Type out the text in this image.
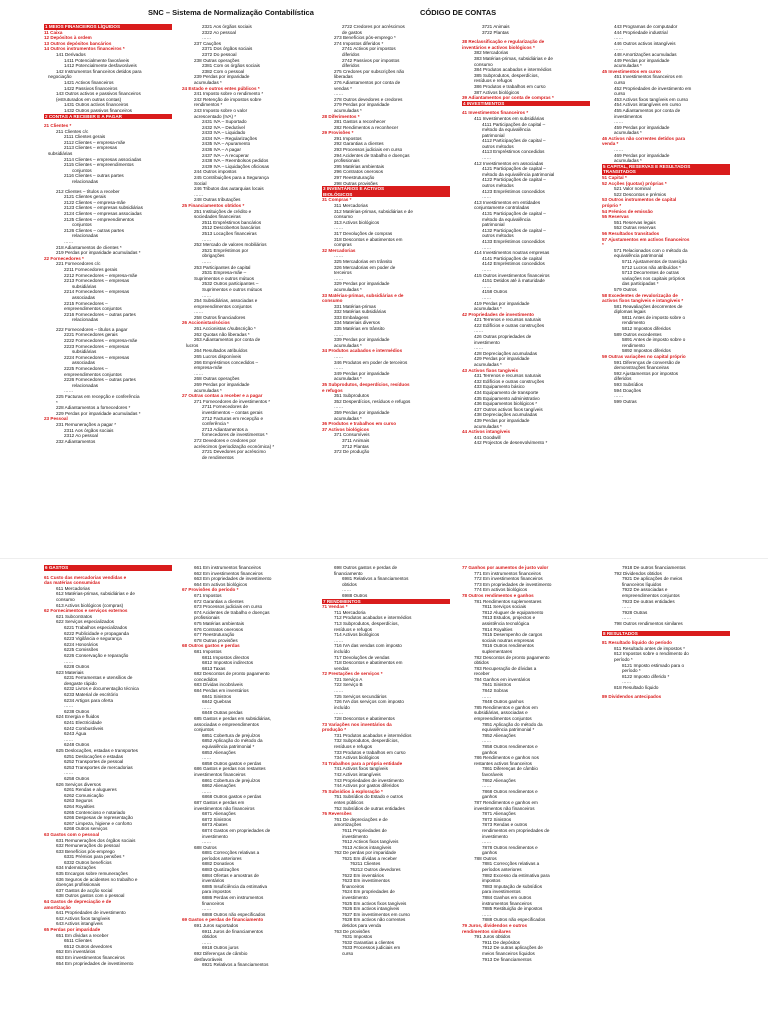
SNC – Sistema de Normalização Contabilística	CÓDIGO DE CONTAS
1 MEIOS FINANCEIROS LÍQUIDOS
11 Caixa
12 Depósitos à ordem
13 Outros depósitos bancários
14 Outros instrumentos financeiros *
141 Derivados
1411 Potencialmente favoráveis
1412 Potencialmente desfavoráveis
142 Instrumentos financeiros detidos para
negociação
1421 Activos financeiros
1422 Passivos financeiros
143 Outros activos e passivos financeiros
(estruturados em outras contas)
1431 Outros activos financeiros
1432 Outros passivos financeiros
2 CONTAS A RECEBER E A PAGAR
21 Clientes *
211 Clientes c/c
2111 Clientes gerais
2112 Clientes – empresa-mãe
2113 Clientes – empresas
subsidiárias
2114 Clientes – empresas associadas
2115 Clientes – empreendimentos
conjuntos
2116 Clientes – outras partes
relacionadas
212 Clientes – títulos a receber
2121 Clientes gerais
2122 Clientes – empresa-mãe
2123 Clientes – empresas subsidiárias
2124 Clientes – empresas associadas
2125 Clientes – empreendimentos
conjuntos
2126 Clientes – outras partes
relacionadas
……
218 Adiantamentos de clientes *
219 Perdas por imparidade acumuladas *
22 Fornecedores *
221 Fornecedores c/c
2211 Fornecedores gerais
2212 Fornecedores – empresa-mãe
2213 Fornecedores – empresas
subsidiárias
2214 Fornecedores – empresas
associadas
2215 Fornecedores –
empreendimentos conjuntos
2216 Fornecedores – outras partes
relacionadas
222 Fornecedores – títulos a pagar
2221 Fornecedores gerais
2222 Fornecedores – empresa-mãe
2223 Fornecedores – empresas
subsidiárias
2224 Fornecedores – empresas
associadas
2225 Fornecedores –
empreendimentos conjuntos
2226 Fornecedores – outras partes
relacionadas
……
225 Facturas em recepção e conferência
*
228 Adiantamentos a fornecedores *
229 Perdas por imparidade acumuladas *
23 Pessoal
231 Remunerações a pagar *
2311 Aos órgãos sociais
2312 Ao pessoal
232 Adiantamentos
2321 Aos órgãos sociais
2322 Ao pessoal
……
237 Cauções
2371 Dos órgãos sociais
2372 Do pessoal
238 Outras operações
2381 Com os órgãos sociais
2382 Com o pessoal
239 Perdas por imparidade
acumuladas *
24 Estado e outros entes públicos *
241 Imposto sobre o rendimento *
242 Retenção de impostos sobre
rendimentos *
243 Imposto sobre o valor
acrescentado (IVA) *
2431 IVA – Suportado
2432 IVA – Dedutível
2433 IVA – Liquidado
2434 IVA – Regularizações
2435 IVA – Apuramento
2436 IVA – A pagar
2437 IVA – A recuperar
2438 IVA – Reembolsos pedidos
2439 IVA – Liquidações oficiosas
244 Outros impostos
245 Contribuições para a Segurança
Social
246 Tributos das autarquias locais
……
248 Outras tributações
25 Financiamentos obtidos *
251 Instituições de crédito e
sociedades financeiras
2511 Empréstimos bancários
2512 Descobertos bancários
2513 Locações financeiras
……
252 Mercado de valores mobiliários
2521 Empréstimos por
obrigações
……
253 Participantes de capital
2531 Empresa-mãe –
Suprimentos e outros mútuos
2532 Outros participantes –
Suprimentos e outros mútuos
……
254 Subsidiárias, associadas e
empreendimentos conjuntos
……
258 Outros financiadores
26 Accionistas/sócios
261 Accionistas c/subscrição *
262 Quotas não liberadas *
263 Adiantamentos por conta de
lucros
264 Resultados atribuídos
265 Lucros disponíveis
266 Empréstimos concedidos –
empresa-mãe
……
268 Outras operações
269 Perdas por imparidade
acumuladas *
27 Outras contas a receber e a pagar
271 Fornecedores de investimentos *
2711 Fornecedores de
investimentos – contas gerais
2712 Facturas em recepção e
conferência *
2713 Adiantamentos a
fornecedores de investimentos *
272 Devedores e credores por
acréscimos (periodização económica) *
2721 Devedores por acréscimo
de rendimentos
2722 Credores por acréscimos
de gastos
273 Benefícios pós-emprego *
274 Impostos diferidos *
2741 Activos por impostos
diferidos
2742 Passivos por impostos
diferidos
275 Credores por subscrições não
liberadas
276 Adiantamentos por conta de
vendas *
……
278 Outros devedores e credores
279 Perdas por imparidade
acumuladas *
28 Diferimentos *
281 Gastos a reconhecer
282 Rendimentos a reconhecer
29 Provisões *
291 Impostos
292 Garantias a clientes
293 Processos judiciais em curso
294 Acidentes de trabalho e doenças
profissionais
295 Matérias ambientais
296 Contratos onerosos
297 Reestruturação
298 Outras provisões
3 INVENTÁRIOS E ACTIVOS
BIOLÓGICOS
31 Compras *
311 Mercadorias
312 Matérias-primas, subsidiárias e de
consumo
313 Activos biológicos
……
317 Devoluções de compras
318 Descontos e abatimentos em
compras
32 Mercadorias
……
325 Mercadorias em trânsito
326 Mercadorias em poder de
terceiros
……
329 Perdas por imparidade
acumuladas *
33 Matérias-primas, subsidiárias e de
consumo
331 Matérias-primas
332 Matérias subsidiárias
333 Embalagens
334 Materiais diversos
335 Matérias em trânsito
……
339 Perdas por imparidade
acumuladas *
34 Produtos acabados e intermédios
……
346 Produtos em poder de terceiros
……
349 Perdas por imparidade
acumuladas *
35 Subprodutos, desperdícios, resíduos
e refugos
351 Subprodutos
352 Desperdícios, resíduos e refugos
……
359 Perdas por imparidade
acumuladas *
36 Produtos e trabalhos em curso
37 Activos biológicos
371 Consumíveis
3711 Animais
3712 Plantas
372 De produção
3721 Animais
3722 Plantas
38 Reclassificação e regularização de
inventários e activos biológicos *
382 Mercadorias
383 Matérias-primas, subsidiárias e de
consumo
384 Produtos acabados e intermédios
385 Subprodutos, desperdícios,
resíduos e refugos
386 Produtos e trabalhos em curso
387 Activos biológicos
39 Adiantamentos por conta de compras *
4 INVESTIMENTOS
41 Investimentos financeiros *
411 Investimentos em subsidiárias
4111 Participações de capital –
método da equivalência
patrimonial
4112 Participações de capital –
outros métodos
4113 Empréstimos concedidos
……
412 Investimentos em associadas
4121 Participações de capital –
método da equivalência patrimonial
4122 Participações de capital –
outros métodos
4123 Empréstimos concedidos
……
413 Investimentos em entidades
conjuntamente controladas
4131 Participações de capital –
método da equivalência
patrimonial
4132 Participações de capital –
outros métodos
4133 Empréstimos concedidos
……
414 Investimentos noutras empresas
4141 Participações de capital
4142 Empréstimos concedidos
……
415 Outros investimentos financeiros
4151 Detidos até à maturidade
……
4158 Outros
……
419 Perdas por imparidade
acumuladas *
42 Propriedades de investimento
421 Terrenos e recursos naturais
422 Edifícios e outras construções
……
426 Outras propriedades de
investimento
……
428 Depreciações acumuladas
429 Perdas por imparidade
acumuladas *
43 Activos fixos tangíveis
431 Terrenos e recursos naturais
432 Edifícios e outras construções
433 Equipamento básico
434 Equipamento de transporte
435 Equipamento administrativo
436 Equipamentos biológicos *
437 Outros activos fixos tangíveis
438 Depreciações acumuladas
439 Perdas por imparidade
acumuladas *
44 Activos intangíveis
441 Goodwill
442 Projectos de desenvolvimento *
443 Programas de computador
444 Propriedade industrial
……
446 Outros activos intangíveis
……
448 Amortizações acumuladas
449 Perdas por imparidade
acumuladas *
45 Investimentos em curso
451 Investimentos financeiros em
curso
452 Propriedades de investimento em
curso
453 Activos fixos tangíveis em curso
454 Activos intangíveis em curso
455 Adiantamentos por conta de
investimentos
……
459 Perdas por imparidade
acumuladas *
46 Activos não correntes detidos para
venda *
……
469 Perdas por imparidade
acumuladas *
5 CAPITAL, RESERVAS E RESULTADOS
TRANSITADOS
51 Capital *
52 Acções (quotas) próprias *
521 Valor nominal
522 Descontos e prémios
53 Outros instrumentos de capital
próprio *
54 Prémios de emissão
55 Reservas
551 Reservas legais
552 Outras reservas
56 Resultados transitados
57 Ajustamentos em activos financeiros
*
571 Relacionados com o método da
equivalência patrimonial
5711 Ajustamentos de transição
5712 Lucros não atribuídos *
5713 Decorrentes de outras
variações nos capitais próprios
das participadas *
579 Outros
58 Excedentes de revalorização de
activos fixos tangíveis e intangíveis *
581 Reavaliações decorrentes de
diplomas legais
5811 Antes de imposto sobre o
rendimento
5812 Impostos diferidos
589 Outros excedentes
5891 Antes de imposto sobre o
rendimento
5892 Impostos diferidos
59 Outras variações no capital próprio
591 Diferenças de conversão de
demonstrações financeiras
592 Ajustamentos por impostos
diferidos
593 Subsídios
594 Doações
……
599 Outras
6 GASTOS
61 Custo das mercadorias vendidas e
das matérias consumidas
611 Mercadorias
612 Matérias-primas, subsidiárias e de
consumo
613 Activos biológicos (compras)
62 Fornecimentos e serviços externos
621 Subcontratos
622 Serviços especializados
6221 Trabalhos especializados
6222 Publicidade e propaganda
6223 Vigilância e segurança
6224 Honorários
6225 Comissões
6226 Conservação e reparação
……
6228 Outros
623 Materiais
6231 Ferramentas e utensílios de
desgaste rápido
6232 Livros e documentação técnica
6233 Material de escritório
6234 Artigos para oferta
……
6238 Outros
624 Energia e fluidos
6241 Electricidade
6242 Combustíveis
6243 Água
……
6248 Outros
625 Deslocações, estadas e transportes
6251 Deslocações e estadas
6252 Transportes de pessoal
6253 Transportes de mercadorias
……
6258 Outros
626 Serviços diversos
6261 Rendas e alugueres
6262 Comunicação
6263 Seguros
6264 Royalties
6265 Contencioso e notariado
6266 Despesas de representação
6267 Limpeza, higiene e conforto
6268 Outros serviços
63 Gastos com o pessoal
631 Remunerações dos órgãos sociais
632 Remunerações do pessoal
633 Benefícios pós-emprego
6331 Prémios para pensões *
6332 Outros benefícios
634 Indemnizações
635 Encargos sobre remunerações
636 Seguros de acidentes no trabalho e
doenças profissionais
637 Gastos de acção social
638 Outros gastos com o pessoal
64 Gastos de depreciação e de
amortização
641 Propriedades de investimento
642 Activos fixos tangíveis
643 Activos intangíveis
65 Perdas por imparidade
651 Em dívidas a receber
6511 Clientes
6512 Outros devedores
652 Em inventários
653 Em investimentos financeiros
654 Em propriedades de investimento
661 Em instrumentos financeiros
662 Em investimentos financeiros
663 Em propriedades de investimento
664 Em activos biológicos
67 Provisões do período *
671 Impostos
672 Garantias a clientes
673 Processos judiciais em curso
674 Acidentes de trabalho e doenças
profissionais
675 Matérias ambientais
676 Contratos onerosos
677 Reestruturação
678 Outras provisões
68 Outros gastos e perdas
681 Impostos
6811 Impostos directos
6812 Impostos indirectos
6813 Taxas
682 Descontos de pronto pagamento
concedidos
683 Dívidas incobráveis
684 Perdas em inventários
6841 Sinistros
6842 Quebras
……
6848 Outras perdas
685 Gastos e perdas em subsidiárias,
associadas e empreendimentos
conjuntos
6851 Cobertura de prejuízos
6852 Aplicação do método da
equivalência patrimonial *
6853 Alienações
……
6858 Outros gastos e perdas
686 Gastos e perdas nos restantes
investimentos financeiros
6861 Cobertura de prejuízos
6862 Alienações
……
6868 Outros gastos e perdas
687 Gastos e perdas em
investimentos não financeiros
6871 Alienações
6872 Sinistros
6873 Abates
6874 Gastos em propriedades de
investimento
……
688 Outros
6881 Correcções relativas a
períodos anteriores
6882 Donativos
6883 Quotizações
6884 Ofertas e amostras de
inventários
6885 Insuficiência da estimativa
para impostos
6886 Perdas em instrumentos
financeiros
……
6888 Outros não especificados
69 Gastos e perdas de financiamento
691 Juros suportados
6911 Juros de financiamentos
obtidos
……
6918 Outros juros
692 Diferenças de câmbio
desfavoráveis
6921 Relativos a financiamentos
698 Outros gastos e perdas de
financiamento
6981 Relativos a financiamentos
obtidos
……
6988 Outros
7 RENDIMENTOS
71 Vendas *
711 Mercadoria
712 Produtos acabados e intermédios
713 Subprodutos, desperdícios,
resíduos e refugos
714 Activos biológicos
……
716 IVA das vendas com imposto
incluído
717 Devoluções de vendas
718 Descontos e abatimentos em
vendas
72 Prestações de serviços *
721 Serviço A
722 Serviço B
……
725 Serviços secundários
726 IVA dos serviços com imposto
incluído
……
728 Descontos e abatimentos
73 Variações nos inventários da
produção *
731 Produtos acabados e intermédios
732 Subprodutos, desperdícios,
resíduos e refugos
733 Produtos e trabalhos em curso
734 Activos biológicos
74 Trabalhos para a própria entidade
741 Activos fixos tangíveis
742 Activos intangíveis
743 Propriedades de investimento
744 Activos por gastos diferidos
75 Subsídios à exploração *
751 Subsídios do Estado e outros
entes públicos
752 Subsídios de outras entidades
76 Reversões
761 De depreciações e de
amortizações
7611 Propriedades de
investimento
7612 Activos fixos tangíveis
7613 Activos intangíveis
762 De perdas por imparidade
7621 Em dívidas a receber
76211 Clientes
76212 Outros devedores
7622 Em inventários
7623 Em investimentos
financeiros
7624 Em propriedades de
investimento
7625 Em activos fixos tangíveis
7626 Em activos intangíveis
7627 Em investimentos em curso
7628 Em activos não correntes
detidos para venda
763 De provisões
7631 Impostos
7632 Garantias a clientes
7633 Processos judiciais em
curso
77 Ganhos por aumentos de justo valor
771 Em instrumentos financeiros
772 Em investimentos financeiros
773 Em propriedades de investimento
774 Em activos biológicos
78 Outros rendimentos e ganhos
781 Rendimentos suplementares
7811 Serviços sociais
7812 Aluguer de equipamento
7813 Estudos, projectos e
assistência tecnológica
7814 Royalties
7815 Desempenho de cargos
sociais noutras empresas
7816 Outros rendimentos
suplementares
782 Descontos de pronto pagamento
obtidos
783 Recuperação de dívidas a
receber
784 Ganhos em inventários
7841 Sinistros
7842 Sobras
……
7848 Outros ganhos
785 Rendimentos e ganhos em
subsidiárias, associadas e
empreendimentos conjuntos
7851 Aplicação do método da
equivalência patrimonial *
7852 Alienações
……
7858 Outros rendimentos e
ganhos
786 Rendimentos e ganhos nos
restantes activos financeiros
7861 Diferenças de câmbio
favoráveis
7862 Alienações
……
7868 Outros rendimentos e
ganhos
787 Rendimentos e ganhos em
investimentos não financeiros
7871 Alienações
7872 Sinistros
7873 Rendas e outros
rendimentos em propriedades de
investimento
……
7878 Outros rendimentos e
ganhos
788 Outros
7881 Correcções relativas a
períodos anteriores
7882 Excesso da estimativa para
impostos
7883 Imputação de subsídios
para investimentos
7884 Ganhos em outros
instrumentos financeiros
7885 Restituição de impostos
……
7888 Outros não especificados
79 Juros, dividendos e outros
rendimentos similares
791 Juros obtidos
7911 De depósitos
7912 De outras aplicações de
meios financeiros líquidos
7913 De financiamentos
7918 De outros financiamentos
792 Dividendos obtidos
7921 De aplicações de meios
financeiros líquidos
7922 De associadas e
empreendimentos conjuntos
7923 De outras entidades
……
7928 Outras
……
798 Outros rendimentos similares
8 RESULTADOS
81 Resultado líquido do período
811 Resultado antes de impostos *
812 Impostos sobre o rendimento do
período *
8121 Imposto estimado para o
período *
8122 Imposto diferido *
……
818 Resultado líquido
89 Dividendos antecipados
